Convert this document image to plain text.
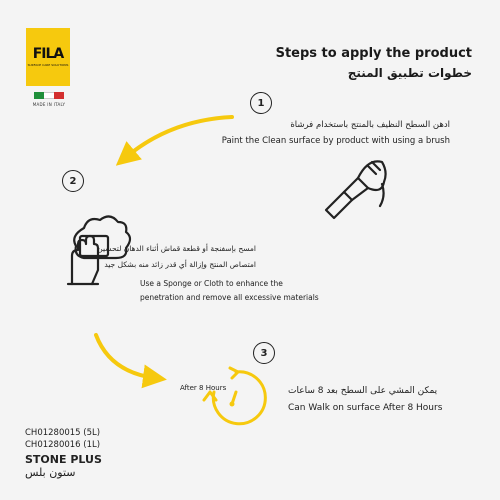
FILA
SURFACE CARE SOLUTIONS
MADE IN ITALY
Steps to apply the product
خطوات تطبيق المنتج
1
2
3
ادهن السطح النظيف بالمنتج باستخدام فرشاة
Paint the Clean surface by product with using a brush
امسح بإسفنجة أو قطعة قماش أثناء الدهان لتحسين
امتصاص المنتج وإزالة أي قدر زائد منه بشكل جيد
Use a Sponge or Cloth to enhance the
penetration and remove all excessive materials
After 8 Hours	يمكن المشي على السطح بعد 8 ساعات
Can Walk on surface After 8 Hours
CH01280015 (5L)
CH01280016 (1L)
STONE PLUS
ستون بلس
